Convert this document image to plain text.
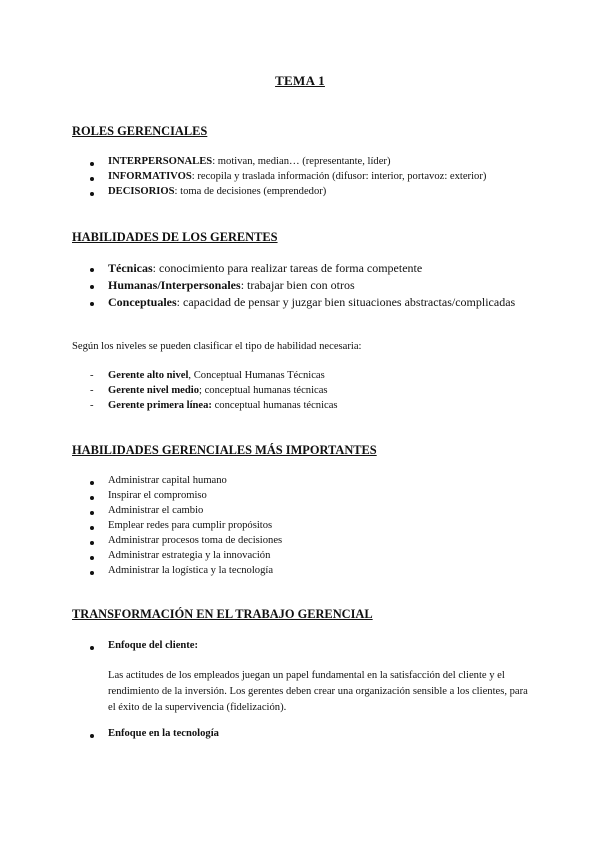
TEMA 1
ROLES GERENCIALES
INTERPERSONALES: motivan, median… (representante, líder)
INFORMATIVOS: recopila y traslada información (difusor: interior, portavoz: exterior)
DECISORIOS: toma de decisiones (emprendedor)
HABILIDADES DE LOS GERENTES
Técnicas: conocimiento para realizar tareas de forma competente
Humanas/Interpersonales: trabajar bien con otros
Conceptuales: capacidad de pensar y juzgar bien situaciones abstractas/complicadas
Según los niveles se pueden clasificar el tipo de habilidad necesaria:
- Gerente alto nivel, Conceptual Humanas Técnicas
- Gerente nivel medio; conceptual humanas técnicas
- Gerente primera línea: conceptual humanas técnicas
HABILIDADES GERENCIALES MÁS IMPORTANTES
Administrar capital humano
Inspirar el compromiso
Administrar el cambio
Emplear redes para cumplir propósitos
Administrar procesos toma de decisiones
Administrar estrategia y la innovación
Administrar la logística y la tecnología
TRANSFORMACIÓN EN EL TRABAJO GERENCIAL
Enfoque del cliente:
Las actitudes de los empleados juegan un papel fundamental en la satisfacción del cliente y el rendimiento de la inversión. Los gerentes deben crear una organización sensible a los clientes, para el éxito de la supervivencia (fidelización).
Enfoque en la tecnología
